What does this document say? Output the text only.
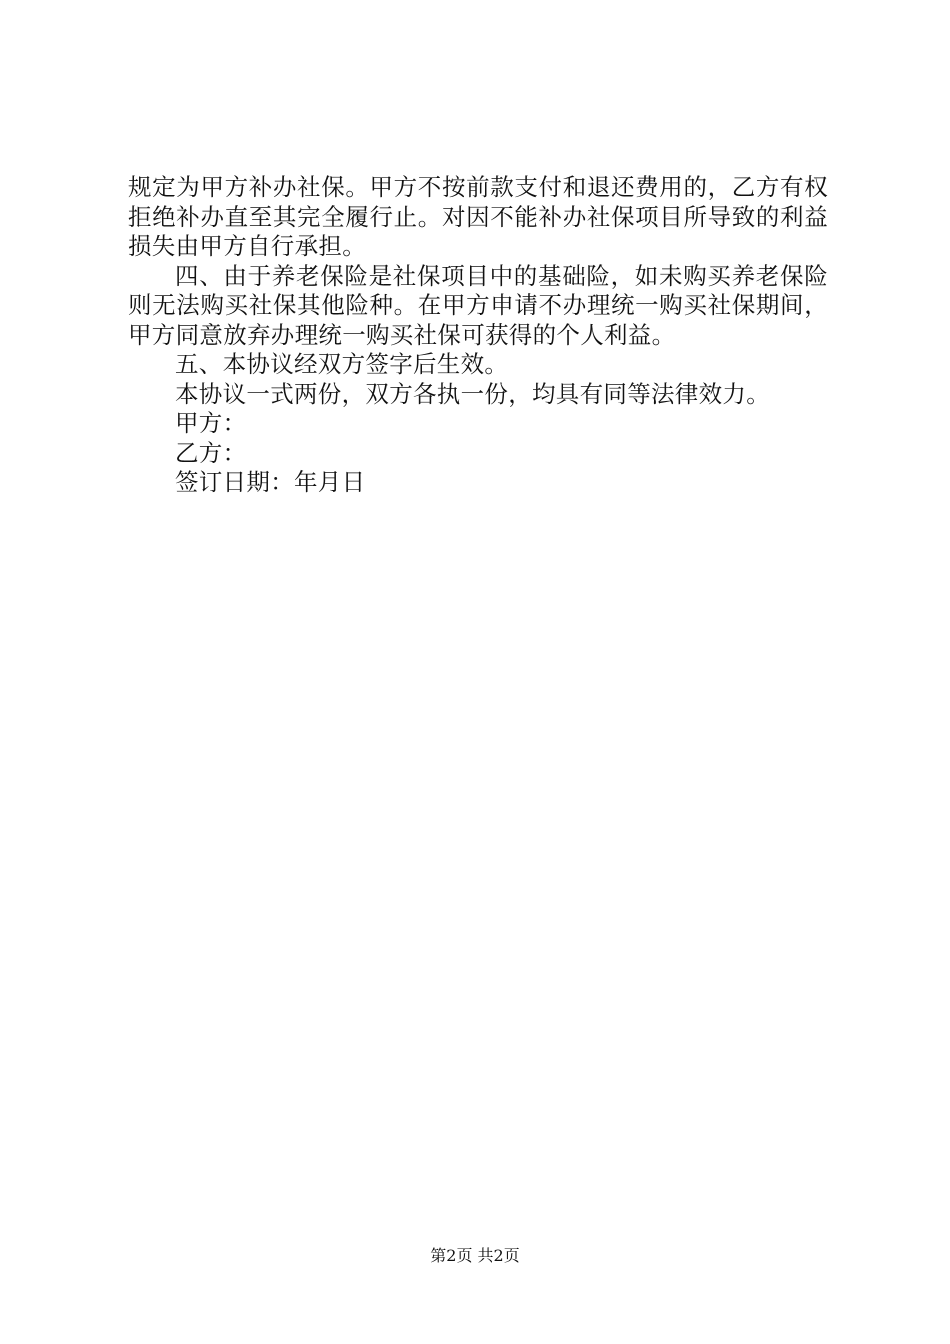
规定为甲方补办社保。甲方不按前款支付和退还费用的，乙方有权拒绝补办直至其完全履行止。对因不能补办社保项目所导致的利益损失由甲方自行承担。

四、由于养老保险是社保项目中的基础险，如未购买养老保险则无法购买社保其他险种。在甲方申请不办理统一购买社保期间，甲方同意放弃办理统一购买社保可获得的个人利益。

五、本协议经双方签字后生效。

本协议一式两份，双方各执一份，均具有同等法律效力。

甲方：

乙方：

签订日期：年月日

第2页 共2页
